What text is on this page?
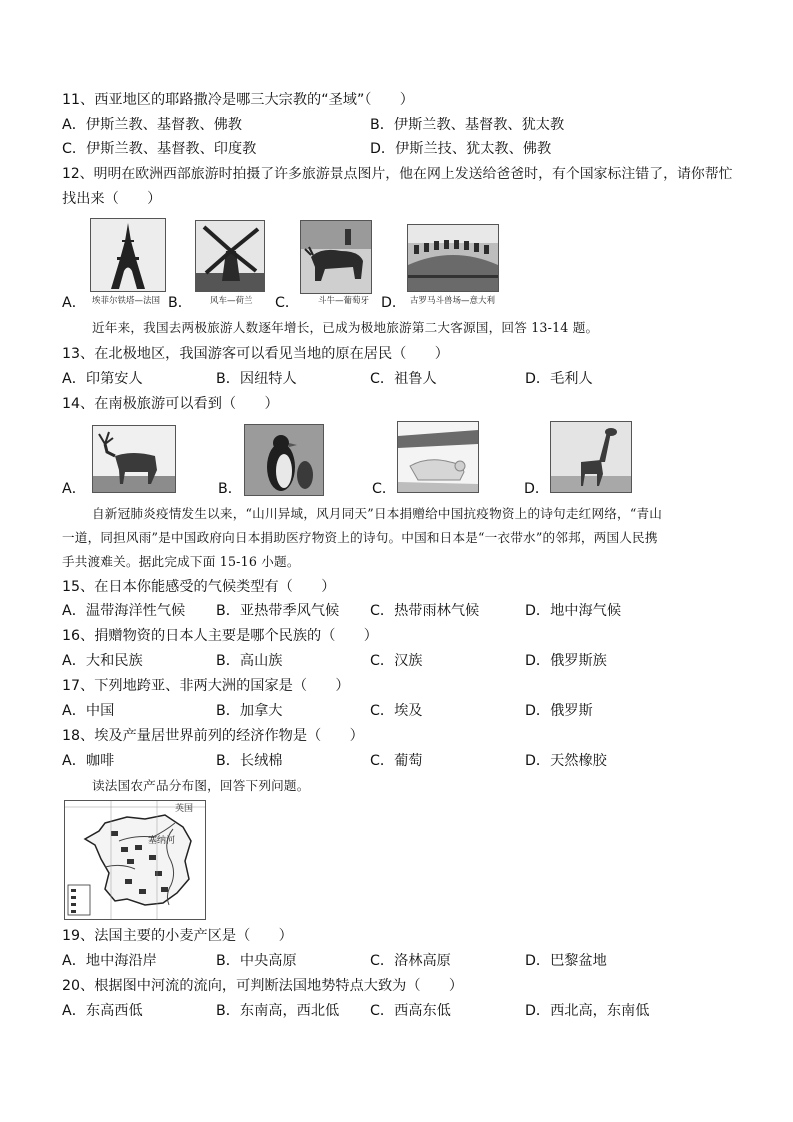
11、西亚地区的耶路撒冷是哪三大宗教的“圣域”（　　）
A．伊斯兰教、基督教、佛教	B．伊斯兰教、基督教、犹太教
C．伊斯兰教、基督教、印度教	D．伊斯兰技、犹太教、佛教
12、明明在欧洲西部旅游时拍摄了许多旅游景点图片，他在网上发送给爸爸时，有个国家标注错了，请你帮忙
找出来（　　）
A． 埃菲尔铁塔—法国 B． 风车—荷兰 C． 斗牛—葡萄牙 D． 古罗马斗兽场—意大利
近年来，我国去两极旅游人数逐年增长，已成为极地旅游第二大客源国，回答 13-14 题。
13、在北极地区，我国游客可以看见当地的原在居民（　　）
A．印第安人	B．因纽特人	C．祖鲁人	D．毛利人
14、在南极旅游可以看到（　　）
A．	B．	C．	D．
自新冠肺炎疫情发生以来，“山川异域，风月同天”日本捐赠给中国抗疫物资上的诗句走红网络，“青山
一道，同担风雨”是中国政府向日本捐助医疗物资上的诗句。中国和日本是“一衣带水”的邻邦，两国人民携
手共渡难关。据此完成下面 15-16 小题。
15、在日本你能感受的气候类型有（　　）
A．温带海洋性气候 B．亚热带季风气候 C．热带雨林气候	D．地中海气候
16、捐赠物资的日本人主要是哪个民族的（　　）
A．大和民族	B．高山族	C．汉族	D．俄罗斯族
17、下列地跨亚、非两大洲的国家是（　　）
A．中国	B．加拿大	C．埃及	D．俄罗斯
18、埃及产量居世界前列的经济作物是（　　）
A．咖啡	B．长绒棉	C．葡萄	D．天然橡胶
读法国农产品分布图，回答下列问题。
英国
塞纳河
19、法国主要的小麦产区是（　　）
A．地中海沿岸	B．中央高原	C．洛林高原	D．巴黎盆地
20、根据图中河流的流向，可判断法国地势特点大致为（　　）
A．东高西低	B．东南高，西北低 C．西高东低	D．西北高，东南低
